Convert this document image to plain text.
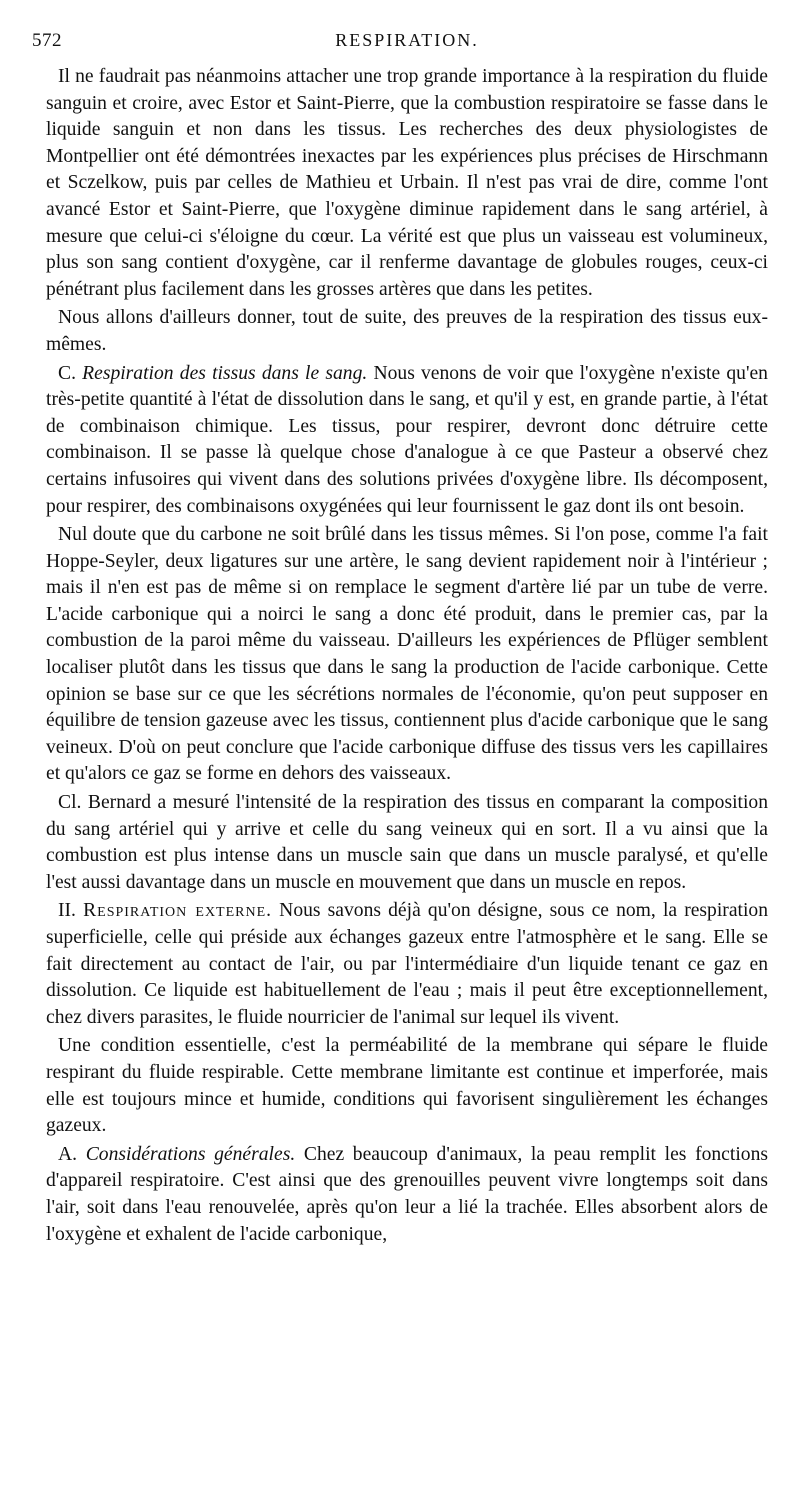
572	RESPIRATION.

Il ne faudrait pas néanmoins attacher une trop grande importance à la respiration du fluide sanguin et croire, avec Estor et Saint-Pierre, que la combustion respiratoire se fasse dans le liquide sanguin et non dans les tissus. Les recherches des deux physiologistes de Montpellier ont été démontrées inexactes par les expériences plus précises de Hirschmann et Sczelkow, puis par celles de Mathieu et Urbain. Il n'est pas vrai de dire, comme l'ont avancé Estor et Saint-Pierre, que l'oxygène diminue rapidement dans le sang artériel, à mesure que celui-ci s'éloigne du cœur. La vérité est que plus un vaisseau est volumineux, plus son sang contient d'oxygène, car il renferme davantage de globules rouges, ceux-ci pénétrant plus facilement dans les grosses artères que dans les petites.

Nous allons d'ailleurs donner, tout de suite, des preuves de la respiration des tissus eux-mêmes.

C. Respiration des tissus dans le sang. Nous venons de voir que l'oxygène n'existe qu'en très-petite quantité à l'état de dissolution dans le sang, et qu'il y est, en grande partie, à l'état de combinaison chimique. Les tissus, pour respirer, devront donc détruire cette combinaison. Il se passe là quelque chose d'analogue à ce que Pasteur a observé chez certains infusoires qui vivent dans des solutions privées d'oxygène libre. Ils décomposent, pour respirer, des combinaisons oxygénées qui leur fournissent le gaz dont ils ont besoin.

Nul doute que du carbone ne soit brûlé dans les tissus mêmes. Si l'on pose, comme l'a fait Hoppe-Seyler, deux ligatures sur une artère, le sang devient rapidement noir à l'intérieur ; mais il n'en est pas de même si on remplace le segment d'artère lié par un tube de verre. L'acide carbonique qui a noirci le sang a donc été produit, dans le premier cas, par la combustion de la paroi même du vaisseau. D'ailleurs les expériences de Pflüger semblent localiser plutôt dans les tissus que dans le sang la production de l'acide carbonique. Cette opinion se base sur ce que les sécrétions normales de l'économie, qu'on peut supposer en équilibre de tension gazeuse avec les tissus, contiennent plus d'acide carbonique que le sang veineux. D'où on peut conclure que l'acide carbonique diffuse des tissus vers les capillaires et qu'alors ce gaz se forme en dehors des vaisseaux.

Cl. Bernard a mesuré l'intensité de la respiration des tissus en comparant la composition du sang artériel qui y arrive et celle du sang veineux qui en sort. Il a vu ainsi que la combustion est plus intense dans un muscle sain que dans un muscle paralysé, et qu'elle l'est aussi davantage dans un muscle en mouvement que dans un muscle en repos.

II. Respiration externe. Nous savons déjà qu'on désigne, sous ce nom, la respiration superficielle, celle qui préside aux échanges gazeux entre l'atmosphère et le sang. Elle se fait directement au contact de l'air, ou par l'intermédiaire d'un liquide tenant ce gaz en dissolution. Ce liquide est habituellement de l'eau ; mais il peut être exceptionnellement, chez divers parasites, le fluide nourricier de l'animal sur lequel ils vivent.

Une condition essentielle, c'est la perméabilité de la membrane qui sépare le fluide respirant du fluide respirable. Cette membrane limitante est continue et imperforée, mais elle est toujours mince et humide, conditions qui favorisent singulièrement les échanges gazeux.

A. Considérations générales. Chez beaucoup d'animaux, la peau remplit les fonctions d'appareil respiratoire. C'est ainsi que des grenouilles peuvent vivre longtemps soit dans l'air, soit dans l'eau renouvelée, après qu'on leur a lié la trachée. Elles absorbent alors de l'oxygène et exhalent de l'acide carbonique,
